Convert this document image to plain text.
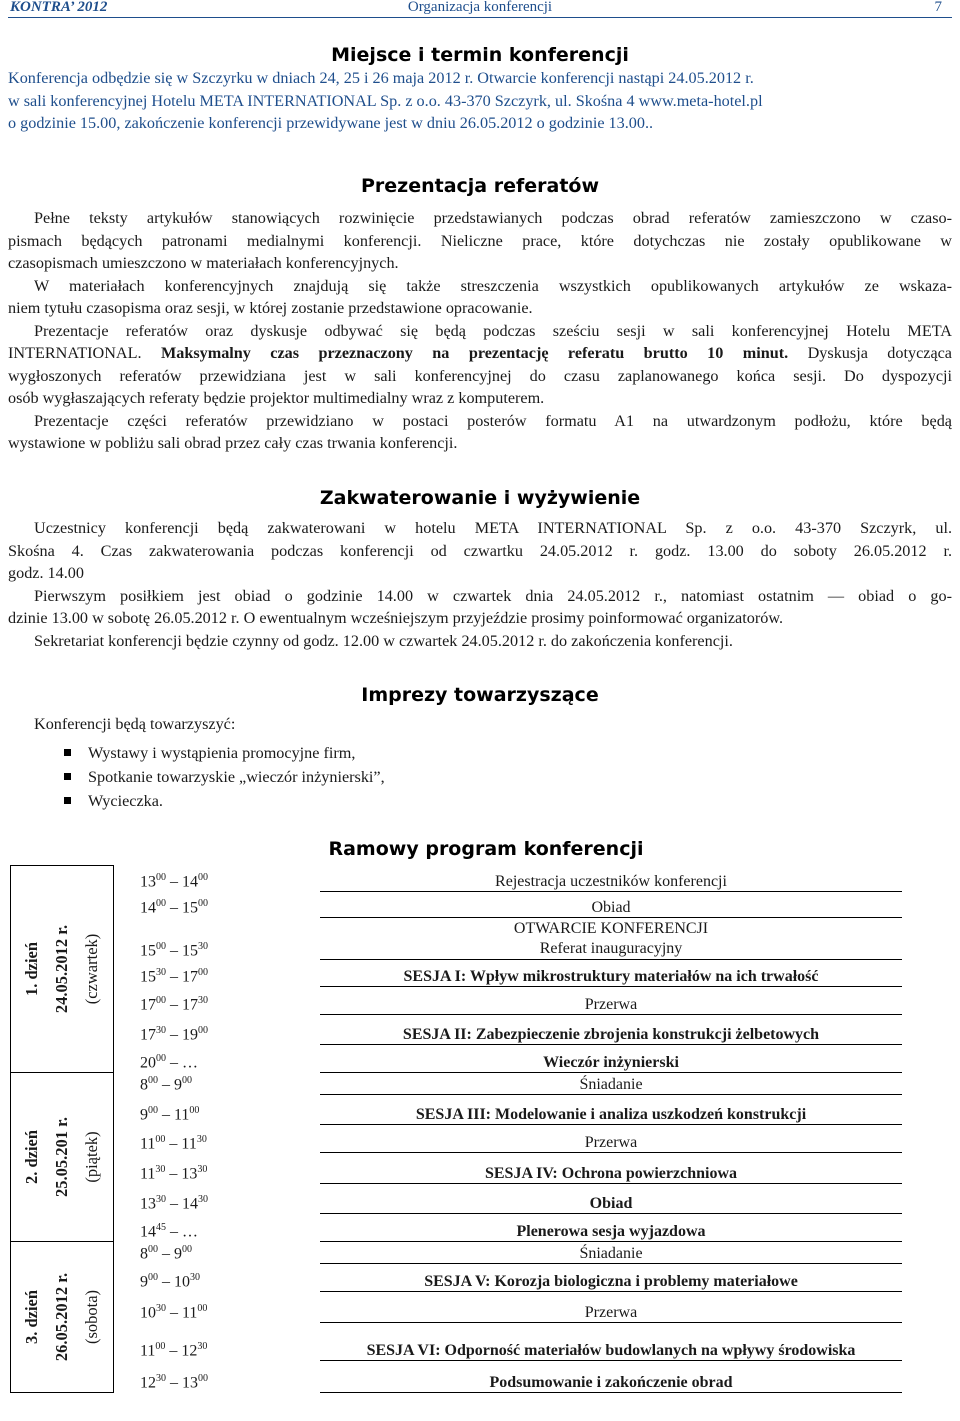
KONTRA’ 2012	Organizacja konferencji	7
Miejsce i termin konferencji
Konferencja odbędzie się w Szczyrku w dniach 24, 25 i 26 maja 2012 r. Otwarcie konferencji nastąpi 24.05.2012 r.
w sali konferencyjnej Hotelu META INTERNATIONAL Sp. z o.o. 43-370 Szczyrk, ul. Skośna 4 www.meta-hotel.pl
o godzinie 15.00, zakończenie konferencji przewidywane jest w dniu 26.05.2012 o godzinie 13.00..
Prezentacja referatów
Pełne teksty artykułów stanowiących rozwinięcie przedstawianych podczas obrad referatów zamieszczono w czaso-
pismach będących patronami medialnymi konferencji. Nieliczne prace, które dotychczas nie zostały opublikowane w
czasopismach umieszczono w materiałach konferencyjnych.
W materiałach konferencyjnych znajdują się także streszczenia wszystkich opublikowanych artykułów ze wskaza-
niem tytułu czasopisma oraz sesji, w której zostanie przedstawione opracowanie.
Prezentacje referatów oraz dyskusje odbywać się będą podczas sześciu sesji w sali konferencyjnej Hotelu META
INTERNATIONAL. Maksymalny czas przeznaczony na prezentację referatu brutto 10 minut. Dyskusja dotycząca
wygłoszonych referatów przewidziana jest w sali konferencyjnej do czasu zaplanowanego końca sesji. Do dyspozycji
osób wygłaszających referaty będzie projektor multimedialny wraz z komputerem.
Prezentacje części referatów przewidziano w postaci posterów formatu A1 na utwardzonym podłożu, które będą
wystawione w pobliżu sali obrad przez cały czas trwania konferencji.
Zakwaterowanie i wyżywienie
Uczestnicy konferencji będą zakwaterowani w hotelu META INTERNATIONAL Sp. z o.o. 43-370 Szczyrk, ul.
Skośna 4. Czas zakwaterowania podczas konferencji od czwartku 24.05.2012 r. godz. 13.00 do soboty 26.05.2012 r.
godz. 14.00
Pierwszym posiłkiem jest obiad o godzinie 14.00 w czwartek dnia 24.05.2012 r., natomiast ostatnim — obiad o go-
dzinie 13.00 w sobotę 26.05.2012 r. O ewentualnym wcześniejszym przyjeździe prosimy poinformować organizatorów.
Sekretariat konferencji będzie czynny od godz. 12.00 w czwartek 24.05.2012 r. do zakończenia konferencji.
Imprezy towarzyszące
Konferencji będą towarzyszyć:
Wystawy i wystąpienia promocyjne firm,
Spotkanie towarzyskie „wieczór inżynierski”,
Wycieczka.
Ramowy program konferencji
1. dzień 24.05.2012 r. (czwartek)	$13^{00} - 14^{00}$	Rejestracja uczestników konferencji
	$14^{00} - 15^{00}$	Obiad
	$15^{00} - 15^{30}$	OTWARCIE KONFERENCJI
Referat inauguracyjny

	$15^{30} - 17^{00}$	SESJA I: Wpływ mikrostruktury materiałów na ich trwałość
	$17^{00} - 17^{30}$	Przerwa
	$17^{30} - 19^{00}$	SESJA II: Zabezpieczenie zbrojenia konstrukcji żelbetowych
	$20^{00}$ – …	Wieczór inżynierski

2. dzień 25.05.201 r. (piątek)	$8^{00} - 9^{00}$	Śniadanie
	$9^{00} - 11^{00}$	SESJA III: Modelowanie i analiza uszkodzeń konstrukcji
	$11^{00} - 11^{30}$	Przerwa
	$11^{30} - 13^{30}$	SESJA IV: Ochrona powierzchniowa
	$13^{30} - 14^{30}$	Obiad
	$14^{45}$ – …	Plenerowa sesja wyjazdowa

3. dzień 26.05.2012 r. (sobota)	$8^{00} - 9^{00}$	Śniadanie
	$9^{00} - 10^{30}$	SESJA V: Korozja biologiczna i problemy materiałowe
	$10^{30} - 11^{00}$	Przerwa
	$11^{00} - 12^{30}$	SESJA VI: Odporność materiałów budowlanych na wpływy środowiska
	$12^{30} - 13^{00}$	Podsumowanie i zakończenie obrad
